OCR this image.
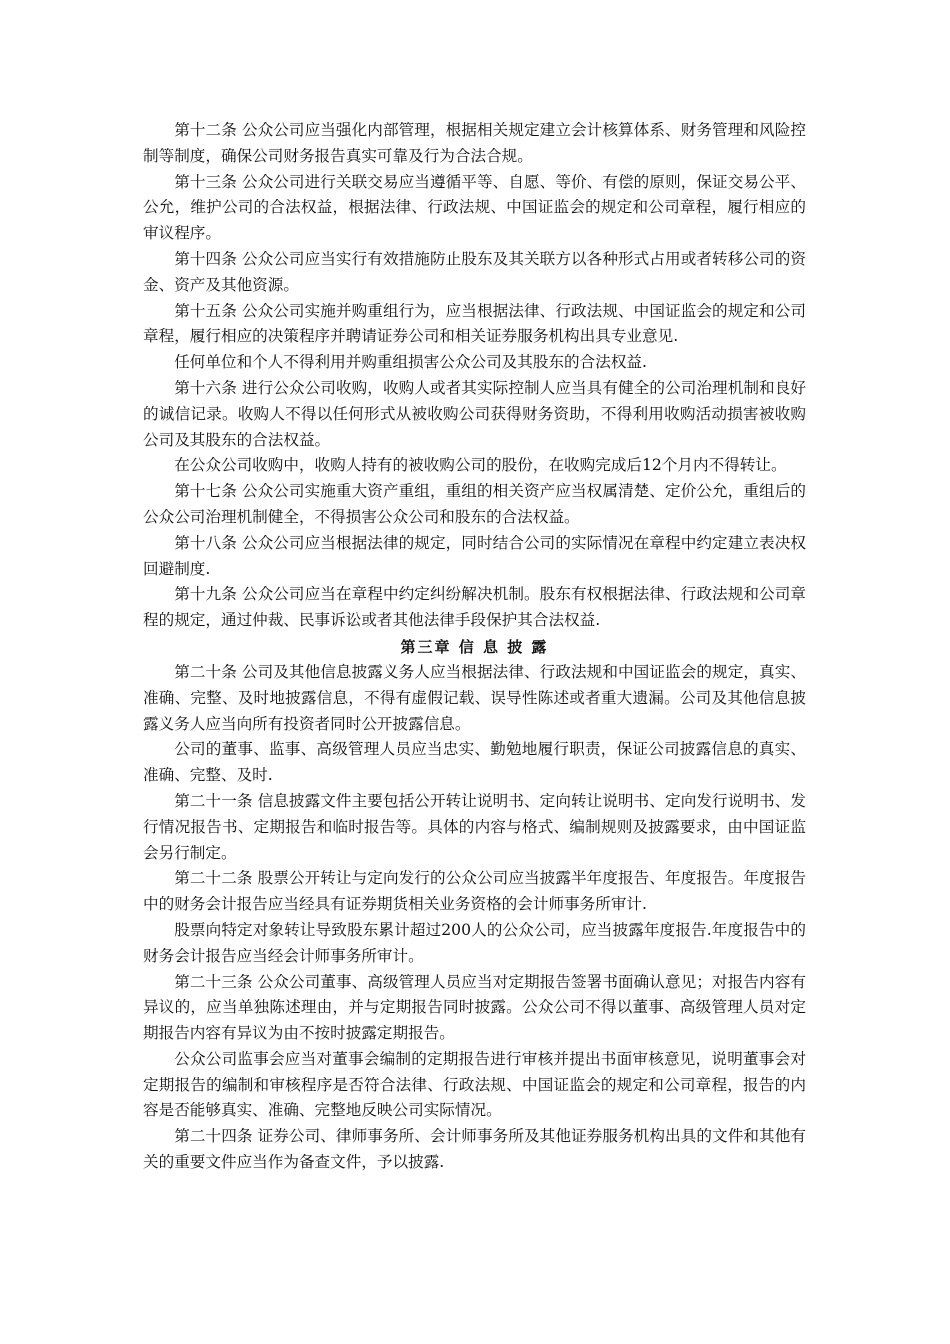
第十二条 公众公司应当强化内部管理，根据相关规定建立会计核算体系、财务管理和风险控制等制度，确保公司财务报告真实可靠及行为合法合规。

第十三条 公众公司进行关联交易应当遵循平等、自愿、等价、有偿的原则，保证交易公平、公允，维护公司的合法权益，根据法律、行政法规、中国证监会的规定和公司章程，履行相应的审议程序。

第十四条 公众公司应当实行有效措施防止股东及其关联方以各种形式占用或者转移公司的资金、资产及其他资源。

第十五条 公众公司实施并购重组行为，应当根据法律、行政法规、中国证监会的规定和公司章程，履行相应的决策程序并聘请证券公司和相关证券服务机构出具专业意见.

任何单位和个人不得利用并购重组损害公众公司及其股东的合法权益.

第十六条 进行公众公司收购，收购人或者其实际控制人应当具有健全的公司治理机制和良好的诚信记录。收购人不得以任何形式从被收购公司获得财务资助，不得利用收购活动损害被收购公司及其股东的合法权益。

在公众公司收购中，收购人持有的被收购公司的股份，在收购完成后12个月内不得转让。

第十七条 公众公司实施重大资产重组，重组的相关资产应当权属清楚、定价公允，重组后的公众公司治理机制健全，不得损害公众公司和股东的合法权益。

第十八条 公众公司应当根据法律的规定，同时结合公司的实际情况在章程中约定建立表决权回避制度.

第十九条 公众公司应当在章程中约定纠纷解决机制。股东有权根据法律、行政法规和公司章程的规定，通过仲裁、民事诉讼或者其他法律手段保护其合法权益.

第三章 信 息 披 露

第二十条 公司及其他信息披露义务人应当根据法律、行政法规和中国证监会的规定，真实、准确、完整、及时地披露信息，不得有虚假记载、误导性陈述或者重大遗漏。公司及其他信息披露义务人应当向所有投资者同时公开披露信息。

公司的董事、监事、高级管理人员应当忠实、勤勉地履行职责，保证公司披露信息的真实、准确、完整、及时.

第二十一条 信息披露文件主要包括公开转让说明书、定向转让说明书、定向发行说明书、发行情况报告书、定期报告和临时报告等。具体的内容与格式、编制规则及披露要求，由中国证监会另行制定。

第二十二条 股票公开转让与定向发行的公众公司应当披露半年度报告、年度报告。年度报告中的财务会计报告应当经具有证券期货相关业务资格的会计师事务所审计.

股票向特定对象转让导致股东累计超过200人的公众公司，应当披露年度报告.年度报告中的财务会计报告应当经会计师事务所审计。

第二十三条 公众公司董事、高级管理人员应当对定期报告签署书面确认意见；对报告内容有异议的，应当单独陈述理由，并与定期报告同时披露。公众公司不得以董事、高级管理人员对定期报告内容有异议为由不按时披露定期报告。

公众公司监事会应当对董事会编制的定期报告进行审核并提出书面审核意见，说明董事会对定期报告的编制和审核程序是否符合法律、行政法规、中国证监会的规定和公司章程，报告的内容是否能够真实、准确、完整地反映公司实际情况。

第二十四条 证券公司、律师事务所、会计师事务所及其他证券服务机构出具的文件和其他有关的重要文件应当作为备查文件，予以披露.
